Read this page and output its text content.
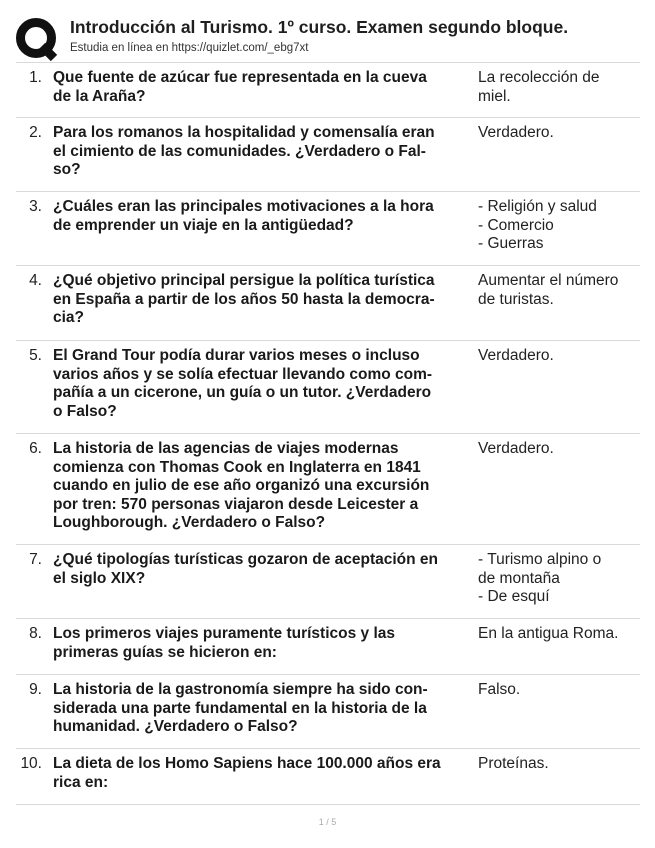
Introducción al Turismo. 1º curso. Examen segundo bloque.
Estudia en línea en https://quizlet.com/_ebg7xt
1. Que fuente de azúcar fue representada en la cueva
de la Araña?
La recolección de
miel.
2. Para los romanos la hospitalidad y comensalía eran
el cimiento de las comunidades. ¿Verdadero o Fal-
so?
Verdadero.
3. ¿Cuáles eran las principales motivaciones a la hora
de emprender un viaje en la antigüedad?
- Religión y salud
- Comercio
- Guerras
4. ¿Qué objetivo principal persigue la política turística
en España a partir de los años 50 hasta la democra-
cia?
Aumentar el número
de turistas.
5. El Grand Tour podía durar varios meses o incluso
varios años y se solía efectuar llevando como com-
pañía a un cicerone, un guía o un tutor. ¿Verdadero
o Falso?
Verdadero.
6. La historia de las agencias de viajes modernas
comienza con Thomas Cook en Inglaterra en 1841
cuando en julio de ese año organizó una excursión
por tren: 570 personas viajaron desde Leicester a
Loughborough. ¿Verdadero o Falso?
Verdadero.
7. ¿Qué tipologías turísticas gozaron de aceptación en
el siglo XIX?
- Turismo alpino o
de montaña
- De esquí
8. Los primeros viajes puramente turísticos y las
primeras guías se hicieron en:
En la antigua Roma.
9. La historia de la gastronomía siempre ha sido con-
siderada una parte fundamental en la historia de la
humanidad. ¿Verdadero o Falso?
Falso.
10. La dieta de los Homo Sapiens hace 100.000 años era
rica en:
Proteínas.
1 / 5
